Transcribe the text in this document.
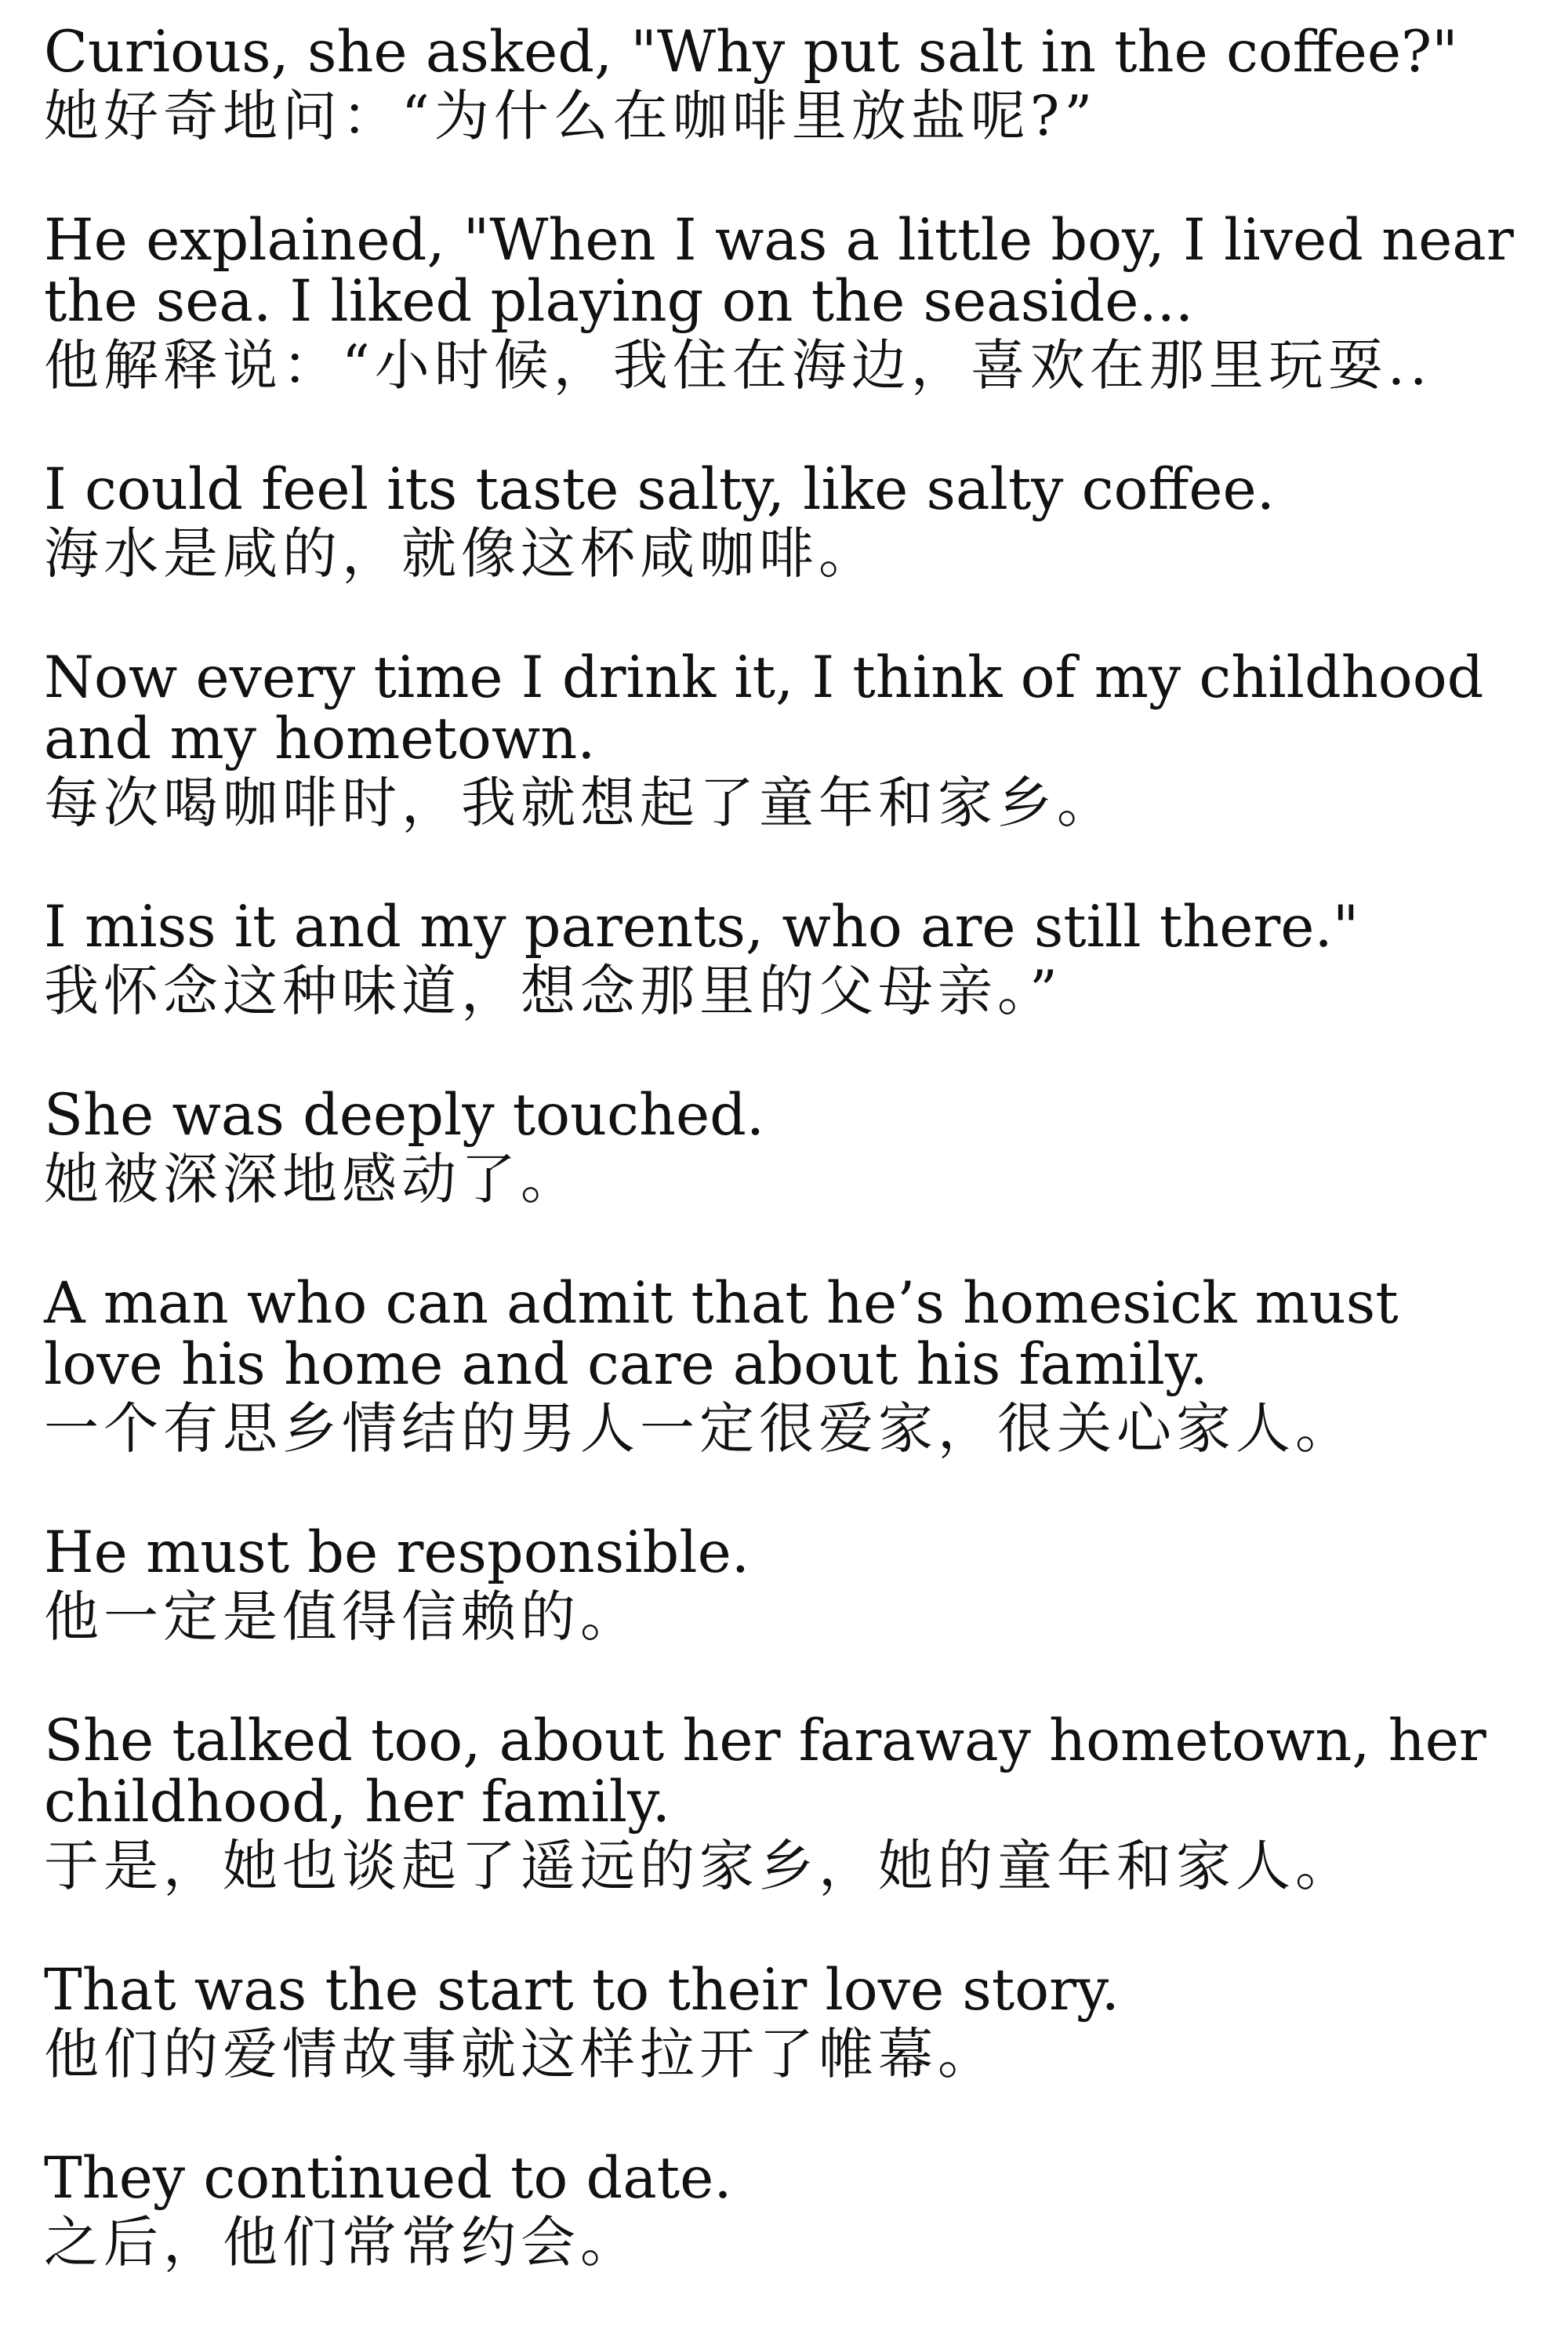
Curious, she asked, "Why put salt in the coffee?"

她好奇地问：“为什么在咖啡里放盐呢?”

He explained, "When I was a little boy, I lived near
the sea. I liked playing on the seaside...

他解释说：“小时候，我住在海边，喜欢在那里玩耍..

I could feel its taste salty, like salty coffee.

海水是咸的，就像这杯咸咖啡。

Now every time I drink it, I think of my childhood
and my hometown.

每次喝咖啡时，我就想起了童年和家乡。

I miss it and my parents, who are still there."

我怀念这种味道，想念那里的父母亲。”

She was deeply touched.

她被深深地感动了。

A man who can admit that he’s homesick must
love his home and care about his family.

一个有思乡情结的男人一定很爱家，很关心家人。

He must be responsible.

他一定是值得信赖的。

She talked too, about her faraway hometown, her
childhood, her family.

于是，她也谈起了遥远的家乡，她的童年和家人。

That was the start to their love story.

他们的爱情故事就这样拉开了帷幕。

They continued to date.

之后，他们常常约会。
